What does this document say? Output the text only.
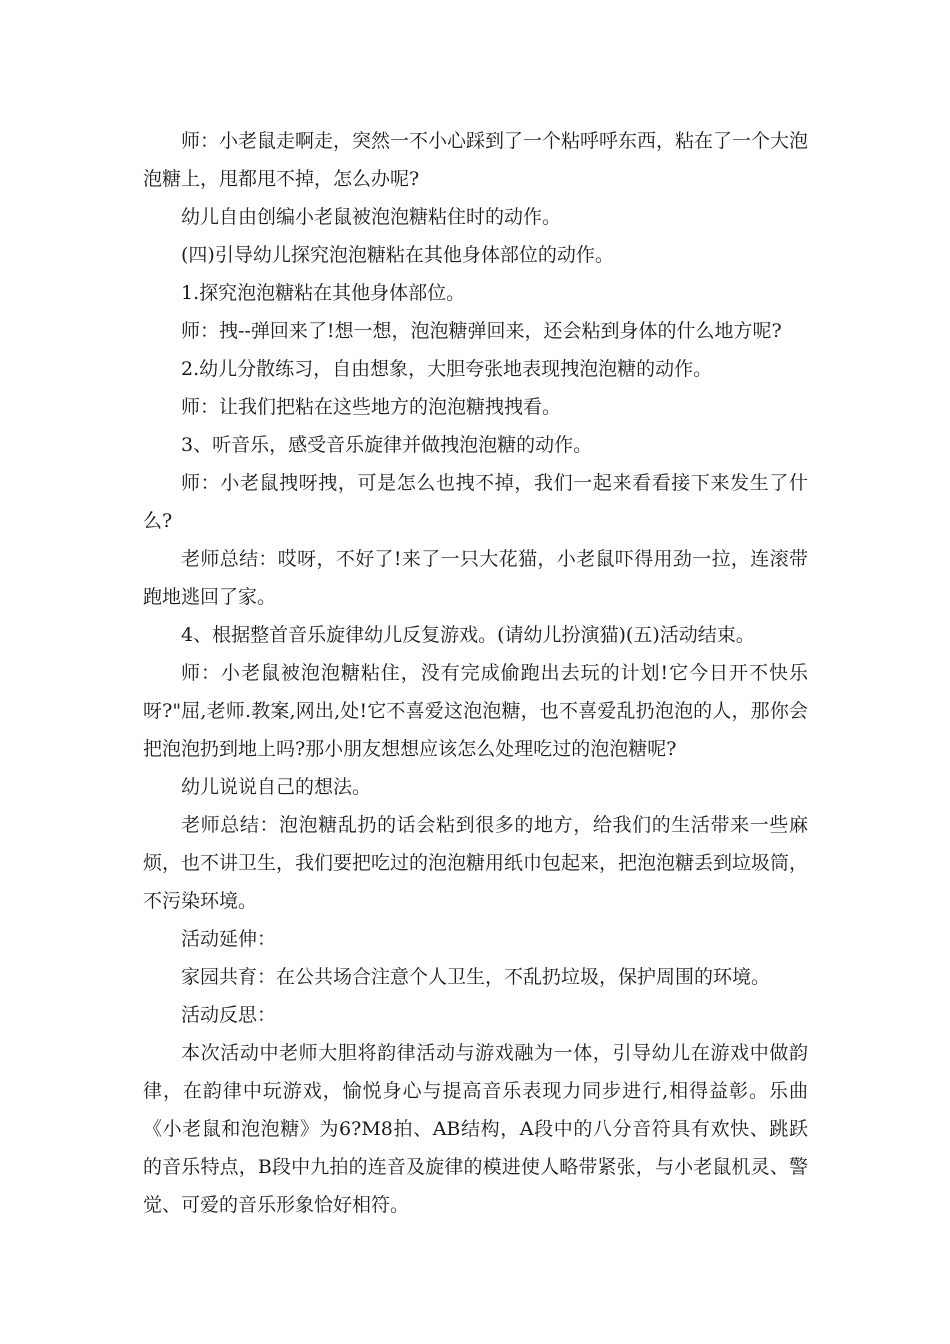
师：小老鼠走啊走，突然一不小心踩到了一个粘呼呼东西，粘在了一个大泡泡糖上，甩都甩不掉，怎么办呢?

幼儿自由创编小老鼠被泡泡糖粘住时的动作。

(四)引导幼儿探究泡泡糖粘在其他身体部位的动作。

1.探究泡泡糖粘在其他身体部位。

师：拽--弹回来了!想一想，泡泡糖弹回来，还会粘到身体的什么地方呢?

2.幼儿分散练习，自由想象，大胆夸张地表现拽泡泡糖的动作。

师：让我们把粘在这些地方的泡泡糖拽拽看。

3、听音乐，感受音乐旋律并做拽泡泡糖的动作。

师：小老鼠拽呀拽，可是怎么也拽不掉，我们一起来看看接下来发生了什么?

老师总结：哎呀，不好了!来了一只大花猫，小老鼠吓得用劲一拉，连滚带跑地逃回了家。

4、根据整首音乐旋律幼儿反复游戏。(请幼儿扮演猫)(五)活动结束。

师：小老鼠被泡泡糖粘住，没有完成偷跑出去玩的计划!它今日开不快乐呀?"屈,老师.教案,网出,处!它不喜爱这泡泡糖，也不喜爱乱扔泡泡的人，那你会把泡泡扔到地上吗?那小朋友想想应该怎么处理吃过的泡泡糖呢?

幼儿说说自己的想法。

老师总结：泡泡糖乱扔的话会粘到很多的地方，给我们的生活带来一些麻烦，也不讲卫生，我们要把吃过的泡泡糖用纸巾包起来，把泡泡糖丢到垃圾筒，不污染环境。

活动延伸：

家园共育：在公共场合注意个人卫生，不乱扔垃圾，保护周围的环境。

活动反思：

本次活动中老师大胆将韵律活动与游戏融为一体，引导幼儿在游戏中做韵律，在韵律中玩游戏，愉悦身心与提高音乐表现力同步进行,相得益彰。乐曲《小老鼠和泡泡糖》为6?M8拍、AB结构，A段中的八分音符具有欢快、跳跃的音乐特点，B段中九拍的连音及旋律的模进使人略带紧张，与小老鼠机灵、警觉、可爱的音乐形象恰好相符。
